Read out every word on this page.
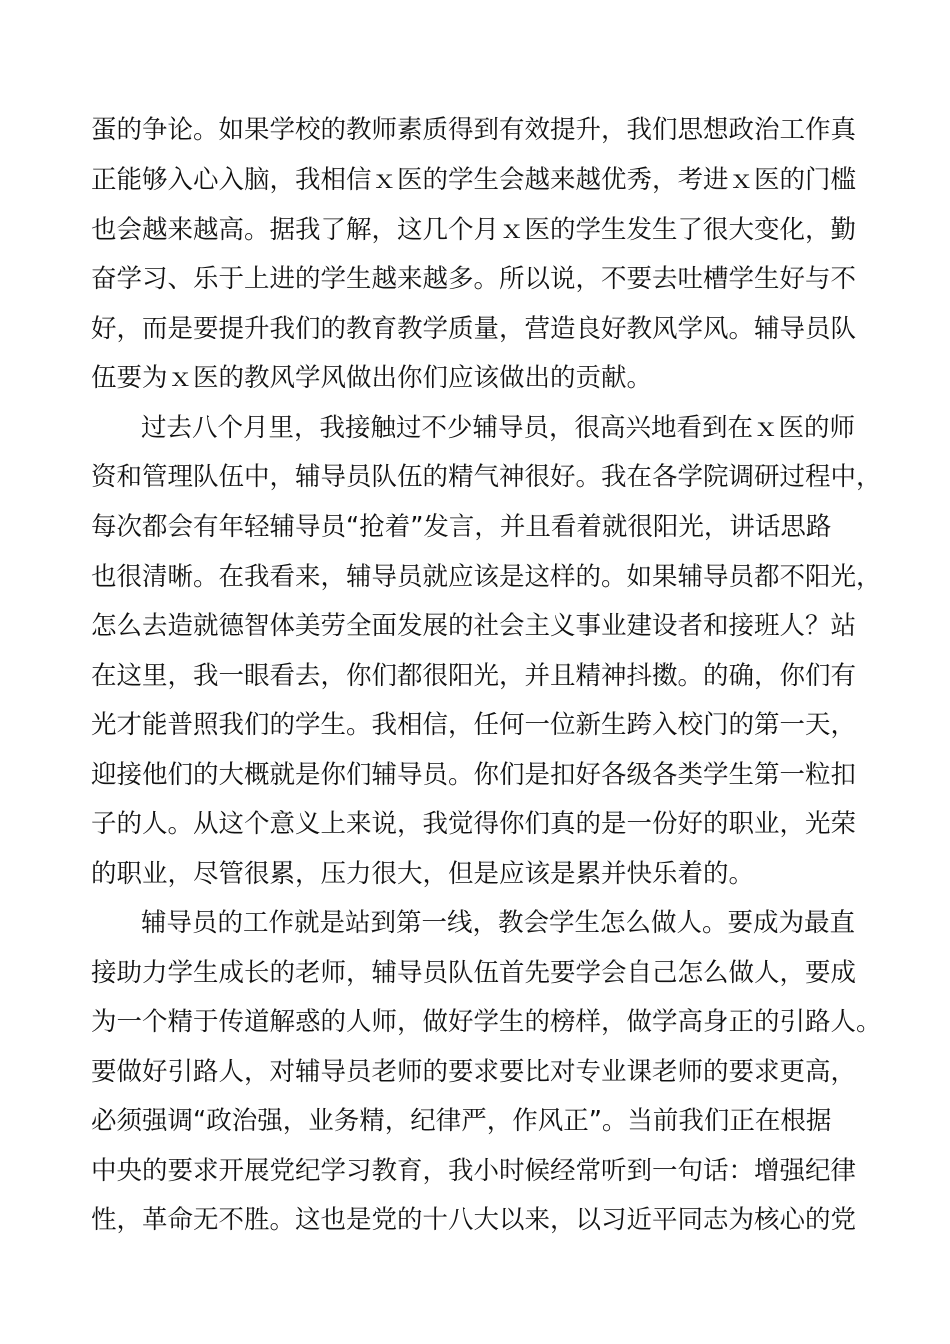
蛋的争论。如果学校的教师素质得到有效提升，我们思想政治工作真
正能够入心入脑，我相信ｘ医的学生会越来越优秀，考进ｘ医的门槛
也会越来越高。据我了解，这几个月ｘ医的学生发生了很大变化，勤
奋学习、乐于上进的学生越来越多。所以说，不要去吐槽学生好与不
好，而是要提升我们的教育教学质量，营造良好教风学风。辅导员队
伍要为ｘ医的教风学风做出你们应该做出的贡献。
过去八个月里，我接触过不少辅导员，很高兴地看到在ｘ医的师
资和管理队伍中，辅导员队伍的精气神很好。我在各学院调研过程中，
每次都会有年轻辅导员“抢着”发言，并且看着就很阳光，讲话思路
也很清晰。在我看来，辅导员就应该是这样的。如果辅导员都不阳光，
怎么去造就德智体美劳全面发展的社会主义事业建设者和接班人？站
在这里，我一眼看去，你们都很阳光，并且精神抖擞。的确，你们有
光才能普照我们的学生。我相信，任何一位新生跨入校门的第一天，
迎接他们的大概就是你们辅导员。你们是扣好各级各类学生第一粒扣
子的人。从这个意义上来说，我觉得你们真的是一份好的职业，光荣
的职业，尽管很累，压力很大，但是应该是累并快乐着的。
辅导员的工作就是站到第一线，教会学生怎么做人。要成为最直
接助力学生成长的老师，辅导员队伍首先要学会自己怎么做人，要成
为一个精于传道解惑的人师，做好学生的榜样，做学高身正的引路人。
要做好引路人，对辅导员老师的要求要比对专业课老师的要求更高，
必须强调“政治强，业务精，纪律严，作风正”。当前我们正在根据
中央的要求开展党纪学习教育，我小时候经常听到一句话：增强纪律
性，革命无不胜。这也是党的十八大以来，以习近平同志为核心的党
